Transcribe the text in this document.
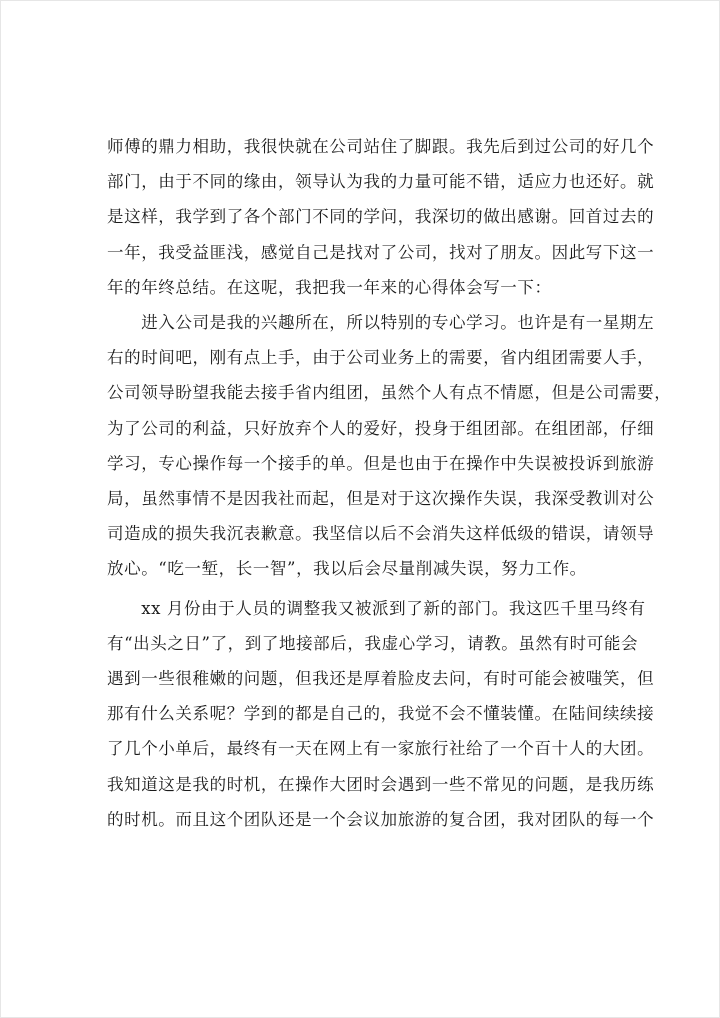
师傅的鼎力相助，我很快就在公司站住了脚跟。我先后到过公司的好几个
部门，由于不同的缘由，领导认为我的力量可能不错，适应力也还好。就
是这样，我学到了各个部门不同的学问，我深切的做出感谢。回首过去的
一年，我受益匪浅，感觉自己是找对了公司，找对了朋友。因此写下这一
年的年终总结。在这呢，我把我一年来的心得体会写一下：
　　进入公司是我的兴趣所在，所以特别的专心学习。也许是有一星期左
右的时间吧，刚有点上手，由于公司业务上的需要，省内组团需要人手，
公司领导盼望我能去接手省内组团，虽然个人有点不情愿，但是公司需要，
为了公司的利益，只好放弃个人的爱好，投身于组团部。在组团部，仔细
学习，专心操作每一个接手的单。但是也由于在操作中失误被投诉到旅游
局，虽然事情不是因我社而起，但是对于这次操作失误，我深受教训对公
司造成的损失我沉表歉意。我坚信以后不会消失这样低级的错误，请领导
放心。“吃一堑，长一智”，我以后会尽量削减失误，努力工作。
　　xx 月份由于人员的调整我又被派到了新的部门。我这匹千里马终有
有“出头之日”了，到了地接部后，我虚心学习，请教。虽然有时可能会
遇到一些很稚嫩的问题，但我还是厚着脸皮去问，有时可能会被嗤笑，但
那有什么关系呢？学到的都是自己的，我觉不会不懂装懂。在陆间续续接
了几个小单后，最终有一天在网上有一家旅行社给了一个百十人的大团。
我知道这是我的时机，在操作大团时会遇到一些不常见的问题，是我历练
的时机。而且这个团队还是一个会议加旅游的复合团，我对团队的每一个
